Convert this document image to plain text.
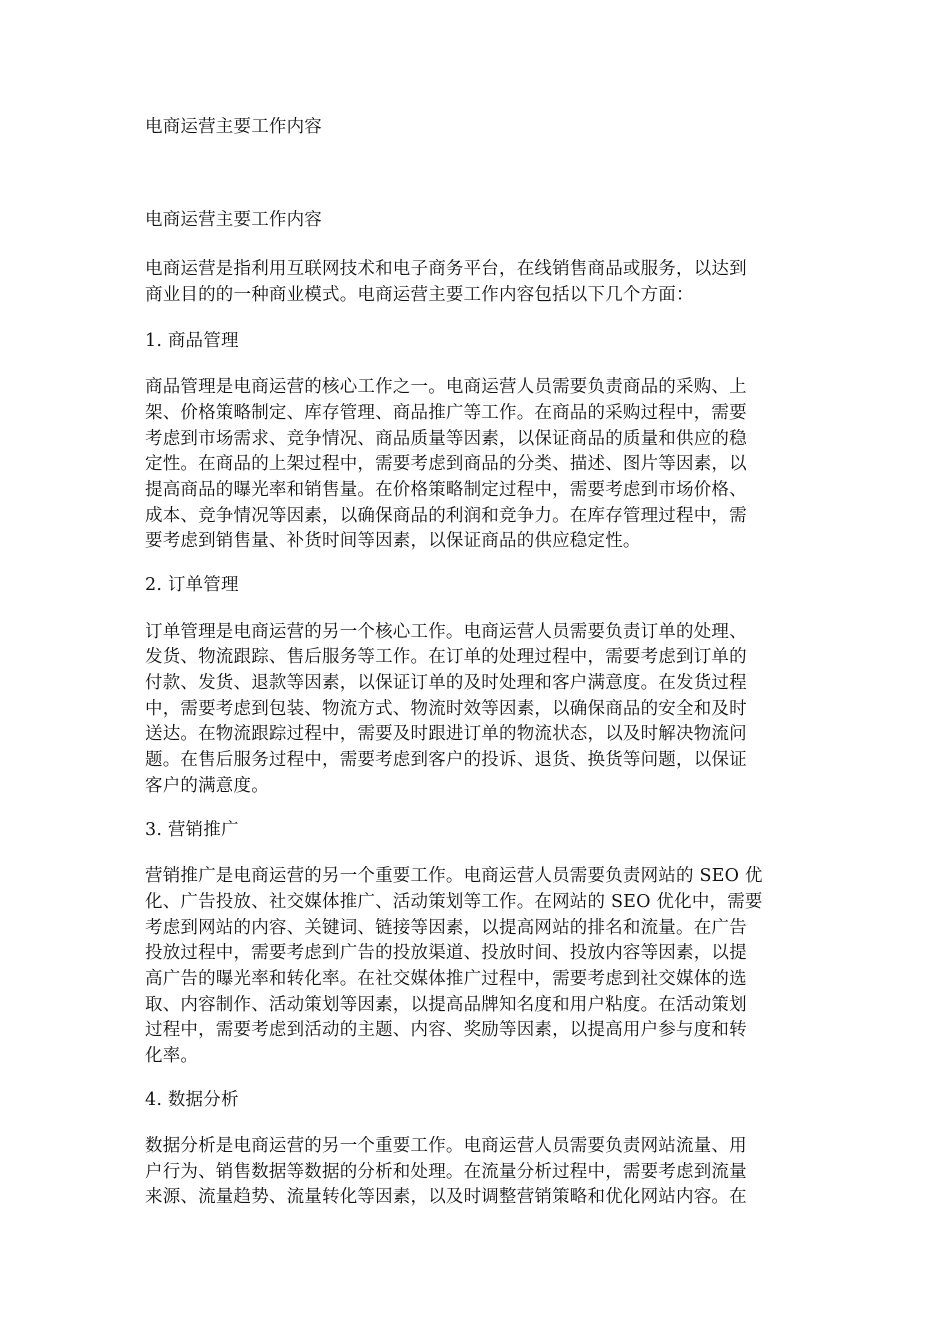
电商运营主要工作内容
电商运营主要工作内容
电商运营是指利用互联网技术和电子商务平台，在线销售商品或服务，以达到
商业目的的一种商业模式。电商运营主要工作内容包括以下几个方面：
1. 商品管理
商品管理是电商运营的核心工作之一。电商运营人员需要负责商品的采购、上
架、价格策略制定、库存管理、商品推广等工作。在商品的采购过程中，需要
考虑到市场需求、竞争情况、商品质量等因素，以保证商品的质量和供应的稳
定性。在商品的上架过程中，需要考虑到商品的分类、描述、图片等因素，以
提高商品的曝光率和销售量。在价格策略制定过程中，需要考虑到市场价格、
成本、竞争情况等因素，以确保商品的利润和竞争力。在库存管理过程中，需
要考虑到销售量、补货时间等因素，以保证商品的供应稳定性。
2. 订单管理
订单管理是电商运营的另一个核心工作。电商运营人员需要负责订单的处理、
发货、物流跟踪、售后服务等工作。在订单的处理过程中，需要考虑到订单的
付款、发货、退款等因素，以保证订单的及时处理和客户满意度。在发货过程
中，需要考虑到包装、物流方式、物流时效等因素，以确保商品的安全和及时
送达。在物流跟踪过程中，需要及时跟进订单的物流状态，以及时解决物流问
题。在售后服务过程中，需要考虑到客户的投诉、退货、换货等问题，以保证
客户的满意度。
3. 营销推广
营销推广是电商运营的另一个重要工作。电商运营人员需要负责网站的 SEO 优
化、广告投放、社交媒体推广、活动策划等工作。在网站的 SEO 优化中，需要
考虑到网站的内容、关键词、链接等因素，以提高网站的排名和流量。在广告
投放过程中，需要考虑到广告的投放渠道、投放时间、投放内容等因素，以提
高广告的曝光率和转化率。在社交媒体推广过程中，需要考虑到社交媒体的选
取、内容制作、活动策划等因素，以提高品牌知名度和用户粘度。在活动策划
过程中，需要考虑到活动的主题、内容、奖励等因素，以提高用户参与度和转
化率。
4. 数据分析
数据分析是电商运营的另一个重要工作。电商运营人员需要负责网站流量、用
户行为、销售数据等数据的分析和处理。在流量分析过程中，需要考虑到流量
来源、流量趋势、流量转化等因素，以及时调整营销策略和优化网站内容。在
